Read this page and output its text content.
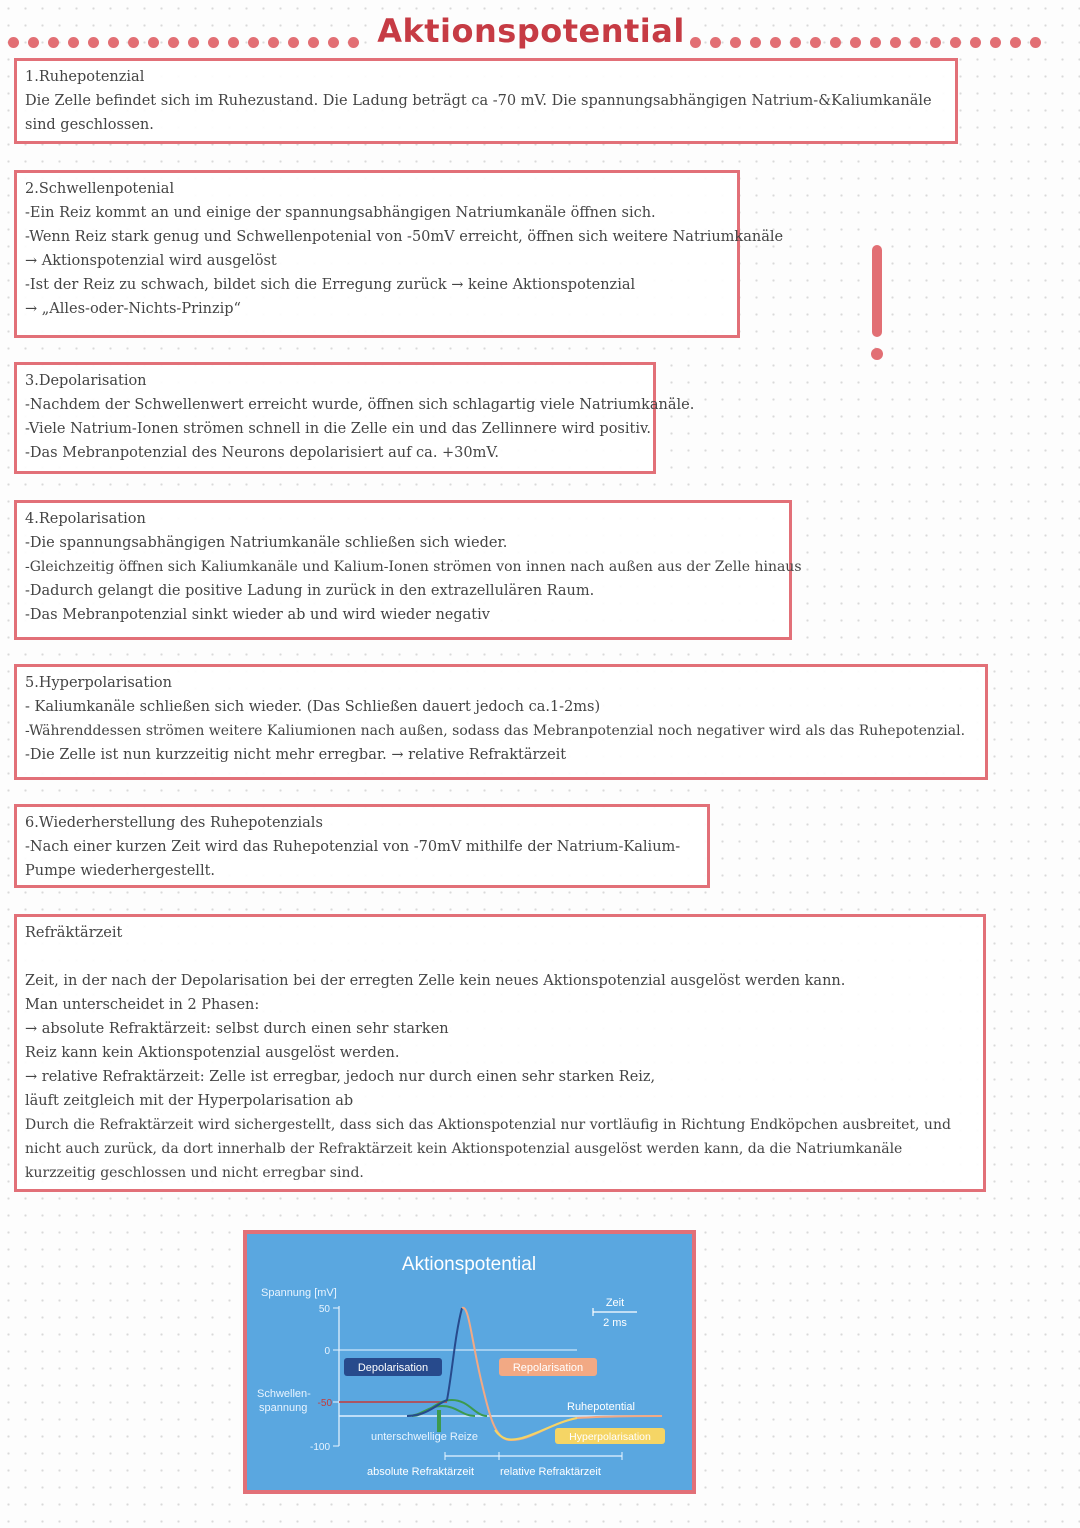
Aktionspotential
1.Ruhepotenzial
Die Zelle befindet sich im Ruhezustand. Die Ladung beträgt ca -70 mV. Die spannungsabhängigen Natrium-&Kaliumkanäle sind geschlossen.
2.Schwellenpotenial
-Ein Reiz kommt an und einige der spannungsabhängigen Natriumkanäle öffnen sich.
-Wenn Reiz stark genug und Schwellenpotenial von -50mV erreicht, öffnen sich weitere Natriumkanäle
→ Aktionspotenzial wird ausgelöst
-Ist der Reiz zu schwach, bildet sich die Erregung zurück → keine Aktionspotenzial
→ „Alles-oder-Nichts-Prinzip“
3.Depolarisation
-Nachdem der Schwellenwert erreicht wurde, öffnen sich schlagartig viele Natriumkanäle.
-Viele Natrium-Ionen strömen schnell in die Zelle ein und das Zellinnere wird positiv.
-Das Mebranpotenzial des Neurons depolarisiert auf ca. +30mV.
4.Repolarisation
-Die spannungsabhängigen Natriumkanäle schließen sich wieder.
-Gleichzeitig öffnen sich Kaliumkanäle und Kalium-Ionen strömen von innen nach außen aus der Zelle hinaus
-Dadurch gelangt die positive Ladung in zurück in den extrazellulären Raum.
-Das Mebranpotenzial sinkt wieder ab und wird wieder negativ
5.Hyperpolarisation
- Kaliumkanäle schließen sich wieder. (Das Schließen dauert jedoch ca.1-2ms)
-Währenddessen strömen weitere Kaliumionen nach außen, sodass das Mebranpotenzial noch negativer wird als das Ruhepotenzial.
-Die Zelle ist nun kurzzeitig nicht mehr erregbar. → relative Refraktärzeit
6.Wiederherstellung des Ruhepotenzials
-Nach einer kurzen Zeit wird das Ruhepotenzial von -70mV mithilfe der Natrium-Kalium-Pumpe wiederhergestellt.
Refräktärzeit
Zeit, in der nach der Depolarisation bei der erregten Zelle kein neues Aktionspotenzial ausgelöst werden kann.
Man unterscheidet in 2 Phasen:
→ absolute Refraktärzeit: selbst durch einen sehr starken
Reiz kann kein Aktionspotenzial ausgelöst werden.
→ relative Refraktärzeit: Zelle ist erregbar, jedoch nur durch einen sehr starken Reiz,
läuft zeitgleich mit der Hyperpolarisation ab
Durch die Refraktärzeit wird sichergestellt, dass sich das Aktionspotenzial nur vortläufig in Richtung Endköpchen ausbreitet, und nicht auch zurück, da dort innerhalb der Refraktärzeit kein Aktionspotenzial ausgelöst werden kann, da die Natriumkanäle kurzzeitig geschlossen und nicht erregbar sind.
Aktionspotential
Spannung [mV]
50
0
-50
-100
Schwellen-
spannung
Depolarisation	Repolarisation
Ruhepotential
unterschwellige Reize	Hyperpolarisation
Zeit
2 ms
absolute Refraktärzeit relative Refraktärzeit
